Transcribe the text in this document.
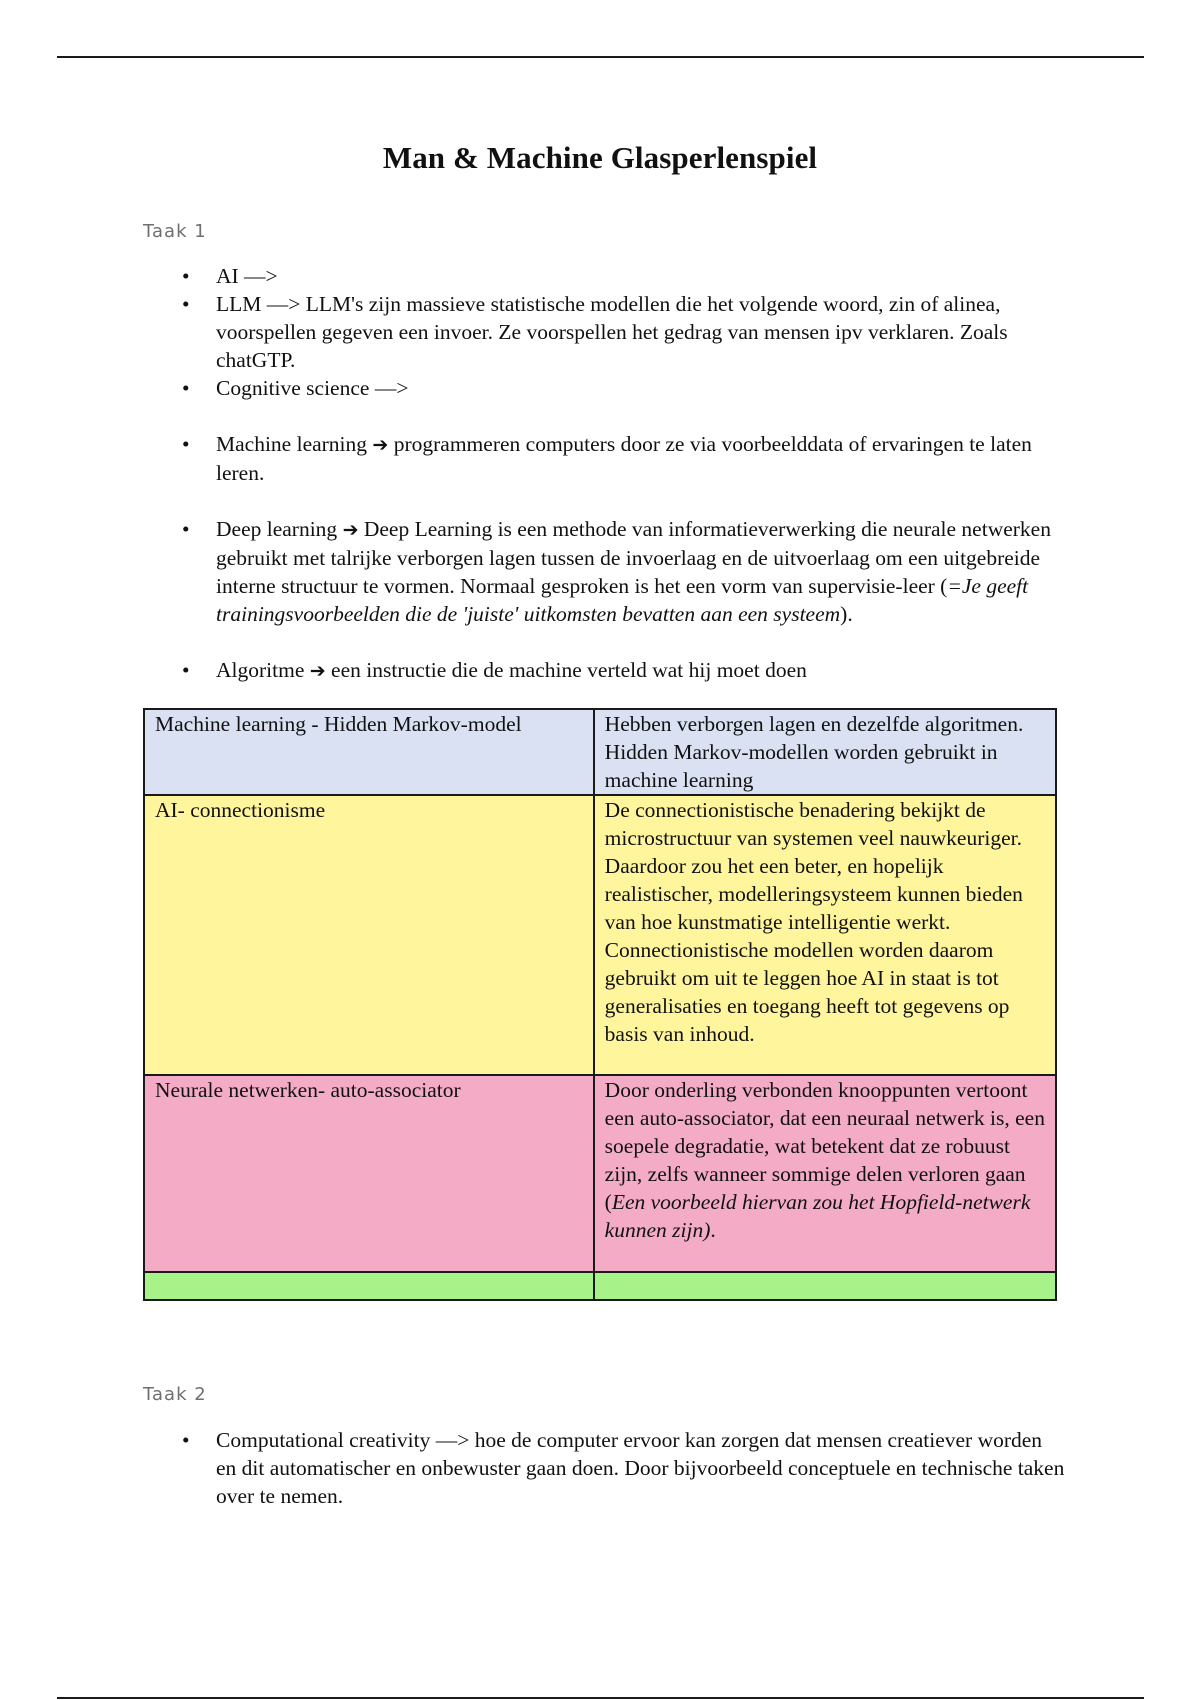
Man & Machine Glasperlenspiel
Taak 1
• AI —>
• LLM —> LLM's zijn massieve statistische modellen die het volgende woord, zin of alinea, voorspellen gegeven een invoer. Ze voorspellen het gedrag van mensen ipv verklaren. Zoals chatGTP.
• Cognitive science —>
• Machine learning ➔ programmeren computers door ze via voorbeelddata of ervaringen te laten leren.
• Deep learning ➔ Deep Learning is een methode van informatieverwerking die neurale netwerken gebruikt met talrijke verborgen lagen tussen de invoerlaag en de uitvoerlaag om een uitgebreide interne structuur te vormen. Normaal gesproken is het een vorm van supervisie-leer (=Je geeft trainingsvoorbeelden die de 'juiste' uitkomsten bevatten aan een systeem).
• Algoritme ➔ een instructie die de machine verteld wat hij moet doen
Machine learning - Hidden Markov-model	Hebben verborgen lagen en dezelfde algoritmen. Hidden Markov-modellen worden gebruikt in machine learning
AI- connectionisme	De connectionistische benadering bekijkt de microstructuur van systemen veel nauwkeuriger. Daardoor zou het een beter, en hopelijk realistischer, modelleringsysteem kunnen bieden van hoe kunstmatige intelligentie werkt. Connectionistische modellen worden daarom gebruikt om uit te leggen hoe AI in staat is tot generalisaties en toegang heeft tot gegevens op basis van inhoud.
Neurale netwerken- auto-associator	Door onderling verbonden knooppunten vertoont een auto-associator, dat een neuraal netwerk is, een soepele degradatie, wat betekent dat ze robuust zijn, zelfs wanneer sommige delen verloren gaan (Een voorbeeld hiervan zou het Hopfield-netwerk kunnen zijn).

Taak 2
• Computational creativity —> hoe de computer ervoor kan zorgen dat mensen creatiever worden en dit automatischer en onbewuster gaan doen. Door bijvoorbeeld conceptuele en technische taken over te nemen.
